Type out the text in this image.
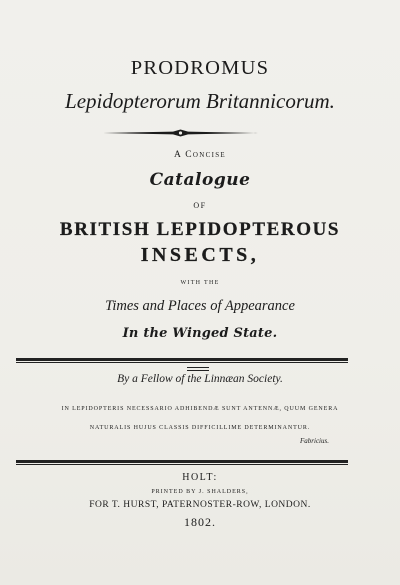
PRODROMUS
Lepidopterorum Britannicorum.
A Concise
Catalogue
OF
BRITISH LEPIDOPTEROUS
INSECTS,
WITH THE
Times and Places of Appearance
In the Winged State.
By a Fellow of the Linnæan Society.
IN LEPIDOPTERIS NECESSARIO ADHIBENDÆ SUNT ANTENNÆ, QUUM GENERA
NATURALIS HUJUS CLASSIS DIFFICILLIME DETERMINANTUR.
Fabricius.
HOLT:
PRINTED BY J. SHALDERS,
FOR T. HURST, PATERNOSTER-ROW, LONDON.
1802.
